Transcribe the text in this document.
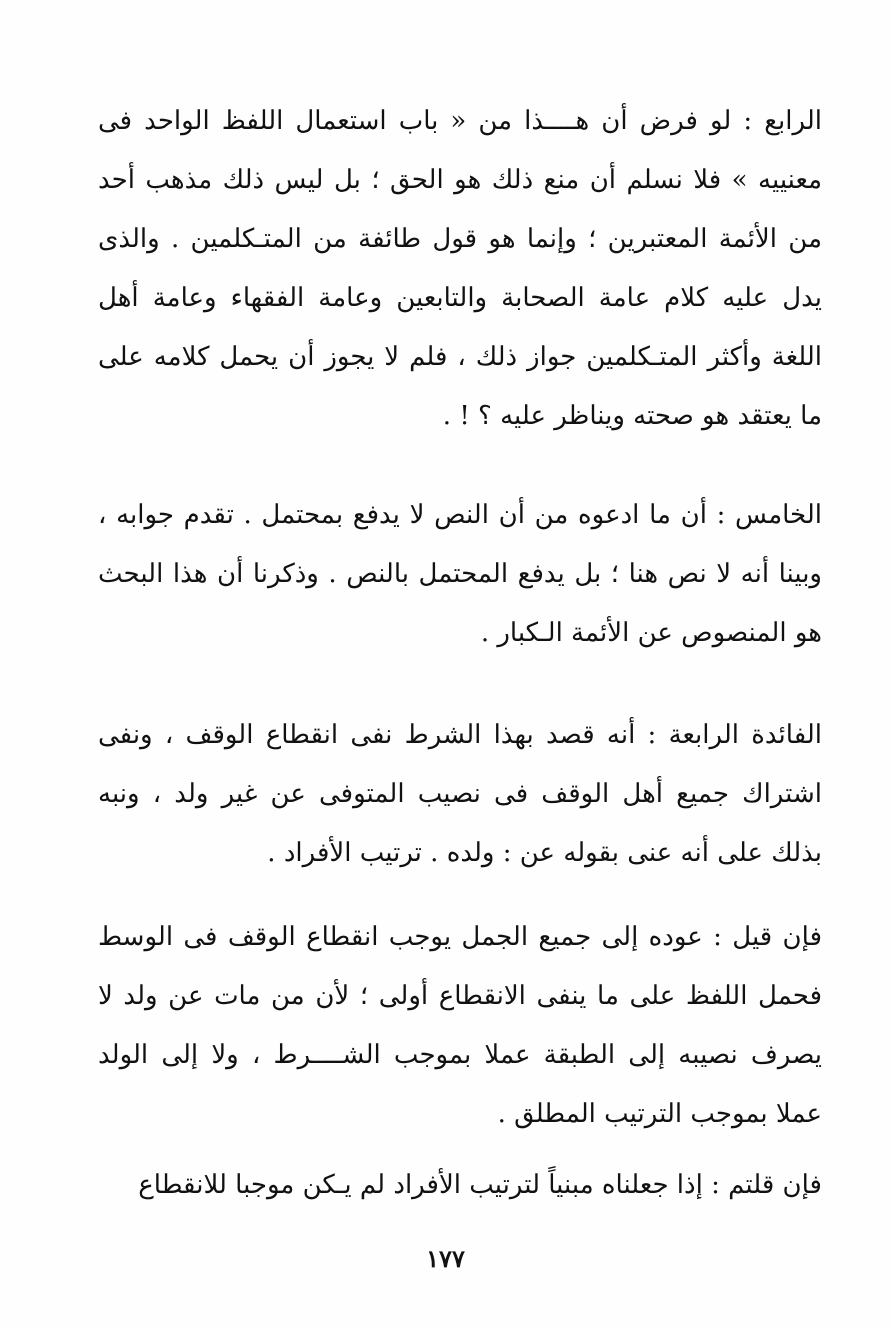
الرابع : لو فرض أن هــــذا من « باب استعمال اللفظ الواحد فى معنييه » فلا نسلم أن منع ذلك هو الحق ؛ بل ليس ذلك مذهب أحد من الأئمة المعتبرين ؛ وإنما هو قول طائفة من المتـكلمين . والذى يدل عليه كلام عامة الصحابة والتابعين وعامة الفقهاء وعامة أهل اللغة وأكثر المتـكلمين جواز ذلك ، فلم لا يجوز أن يحمل كلامه على ما يعتقد هو صحته ويناظر عليه ؟ ! .

الخامس : أن ما ادعوه من أن النص لا يدفع بمحتمل . تقدم جوابه ، وبينا أنه لا نص هنا ؛ بل يدفع المحتمل بالنص . وذكرنا أن هذا البحث هو المنصوص عن الأئمة الـكبار .

الفائدة الرابعة : أنه قصد بهذا الشرط نفى انقطاع الوقف ، ونفى اشتراك جميع أهل الوقف فى نصيب المتوفى عن غير ولد ، ونبه بذلك على أنه عنى بقوله عن : ولده . ترتيب الأفراد .

فإن قيل : عوده إلى جميع الجمل يوجب انقطاع الوقف فى الوسط فحمل اللفظ على ما ينفى الانقطاع أولى ؛ لأن من مات عن ولد لا يصرف نصيبه إلى الطبقة عملا بموجب الشــــرط ، ولا إلى الولد عملا بموجب الترتيب المطلق .

فإن قلتم : إذا جعلناه مبنياً لترتيب الأفراد لم يـكن موجبا للانقطاع

١٧٧
